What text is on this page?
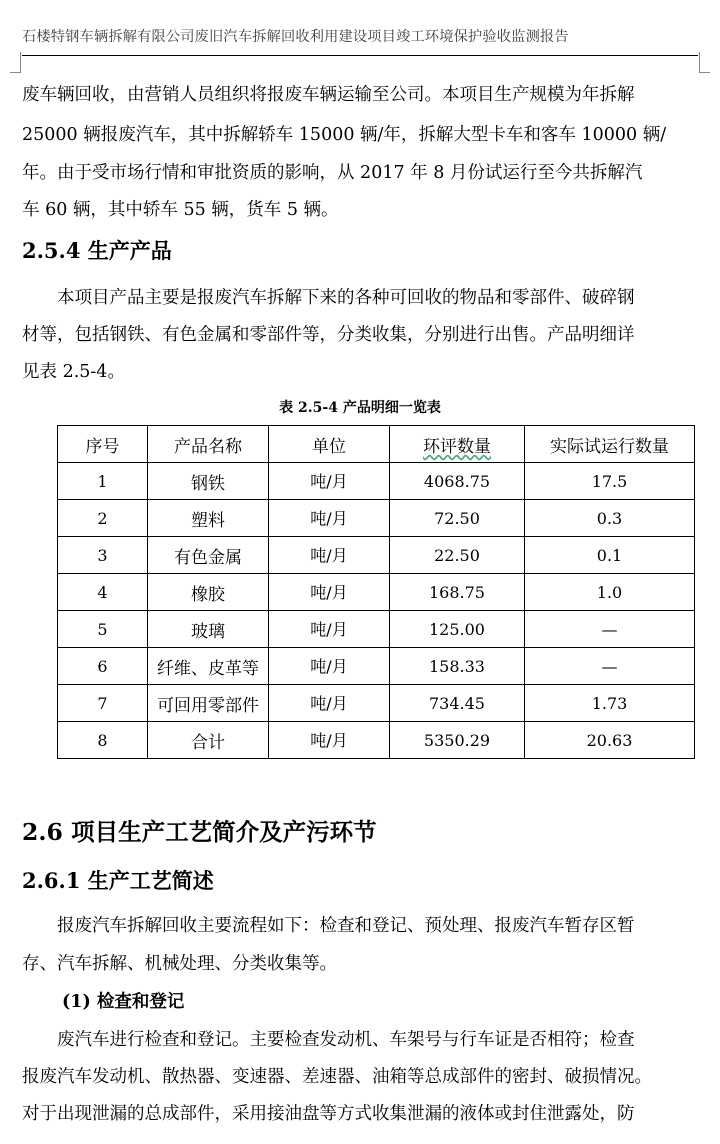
石楼特钢车辆拆解有限公司废旧汽车拆解回收利用建设项目竣工环境保护验收监测报告
废车辆回收，由营销人员组织将报废车辆运输至公司。本项目生产规模为年拆解
25000 辆报废汽车，其中拆解轿车 15000 辆/年，拆解大型卡车和客车 10000 辆/
年。由于受市场行情和审批资质的影响，从 2017 年 8 月份试运行至今共拆解汽
车 60 辆，其中轿车 55 辆，货车 5 辆。
2.5.4 生产产品
　　本项目产品主要是报废汽车拆解下来的各种可回收的物品和零部件、破碎钢
材等，包括钢铁、有色金属和零部件等，分类收集，分别进行出售。产品明细详
见表 2.5-4。
表 2.5-4 产品明细一览表
序号	产品名称	单位	环评数量	实际试运行数量
1	钢铁	吨/月	4068.75	17.5
2	塑料	吨/月	72.50	0.3
3	有色金属	吨/月	22.50	0.1
4	橡胶	吨/月	168.75	1.0
5	玻璃	吨/月	125.00	—
6	纤维、皮革等	吨/月	158.33	—
7	可回用零部件	吨/月	734.45	1.73
8	合计	吨/月	5350.29	20.63
2.6 项目生产工艺简介及产污环节
2.6.1 生产工艺简述
　　报废汽车拆解回收主要流程如下：检查和登记、预处理、报废汽车暂存区暂
存、汽车拆解、机械处理、分类收集等。
(1) 检查和登记
　　废汽车进行检查和登记。主要检查发动机、车架号与行车证是否相符；检查
报废汽车发动机、散热器、变速器、差速器、油箱等总成部件的密封、破损情况。
对于出现泄漏的总成部件，采用接油盘等方式收集泄漏的液体或封住泄露处，防
